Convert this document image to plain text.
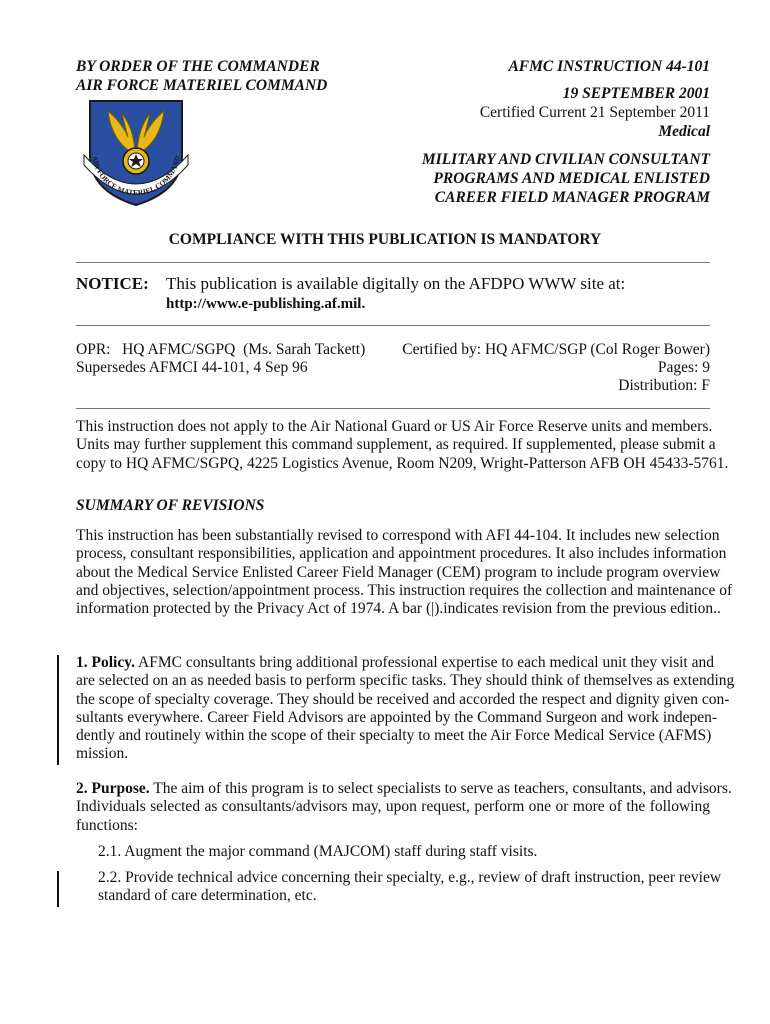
BY ORDER OF THE COMMANDER
AIR FORCE MATERIEL COMMAND
AIR FORCE MATERIEL COMMAND
AFMC INSTRUCTION 44-101
19 SEPTEMBER 2001
Certified Current 21 September 2011
Medical
MILITARY AND CIVILIAN CONSULTANT
PROGRAMS AND MEDICAL ENLISTED
CAREER FIELD MANAGER PROGRAM
COMPLIANCE WITH THIS PUBLICATION IS MANDATORY
NOTICE: This publication is available digitally on the AFDPO WWW site at:
http://www.e-publishing.af.mil.
OPR:   HQ AFMC/SGPQ  (Ms. Sarah Tackett)
Supersedes AFMCI 44-101, 4 Sep 96
Certified by: HQ AFMC/SGP (Col Roger Bower)
Pages: 9
Distribution: F
This instruction does not apply to the Air National Guard or US Air Force Reserve units and members.
Units may further supplement this command supplement, as required. If supplemented, please submit a
copy to HQ AFMC/SGPQ, 4225 Logistics Avenue, Room N209, Wright-Patterson AFB OH 45433-5761.
SUMMARY OF REVISIONS
This instruction has been substantially revised to correspond with AFI 44-104. It includes new selection
process, consultant responsibilities, application and appointment procedures. It also includes information
about the Medical Service Enlisted Career Field Manager (CEM) program to include program overview
and objectives, selection/appointment process. This instruction requires the collection and maintenance of
information protected by the Privacy Act of 1974. A bar (|).indicates revision from the previous edition..
1. Policy. AFMC consultants bring additional professional expertise to each medical unit they visit and
are selected on an as needed basis to perform specific tasks. They should think of themselves as extending
the scope of specialty coverage. They should be received and accorded the respect and dignity given con-
sultants everywhere. Career Field Advisors are appointed by the Command Surgeon and work indepen-
dently and routinely within the scope of their specialty to meet the Air Force Medical Service (AFMS)
mission.
2. Purpose. The aim of this program is to select specialists to serve as teachers, consultants, and advisors.
Individuals selected as consultants/advisors may, upon request, perform one or more of the following
functions:
2.1. Augment the major command (MAJCOM) staff during staff visits.
2.2. Provide technical advice concerning their specialty, e.g., review of draft instruction, peer review
standard of care determination, etc.
